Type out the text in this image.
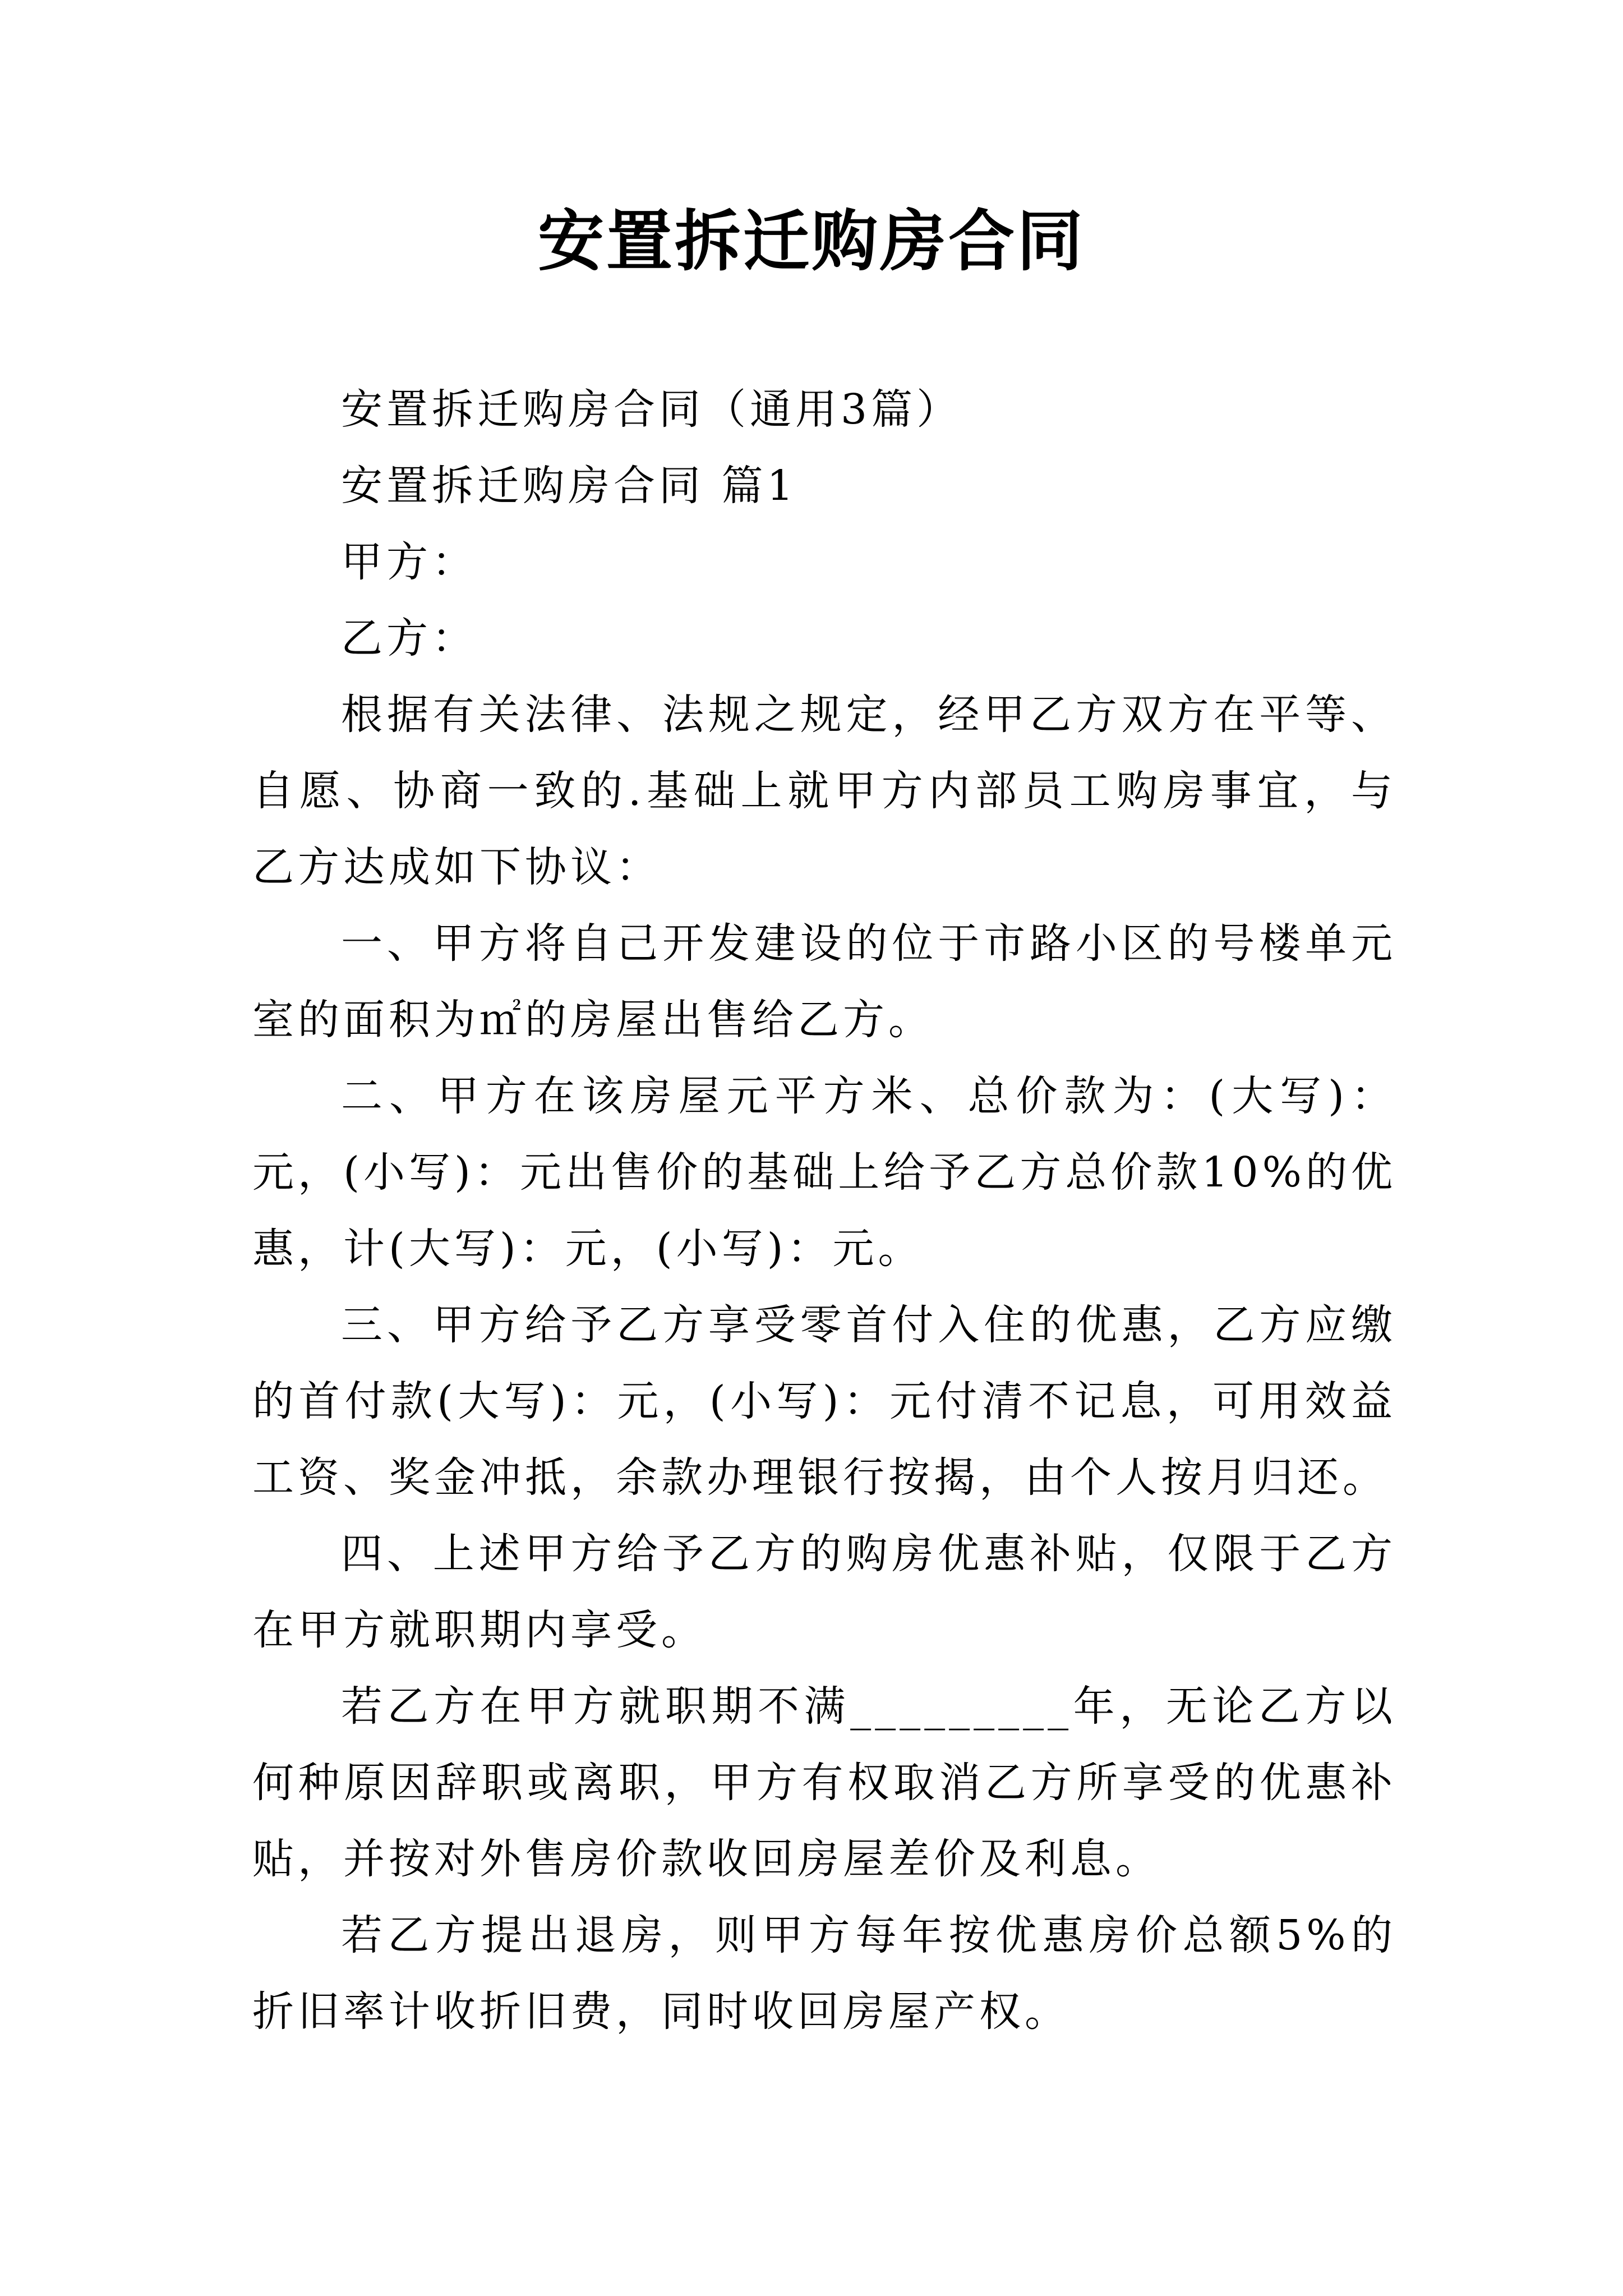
安置拆迁购房合同

安置拆迁购房合同（通用3篇）

安置拆迁购房合同 篇1

甲方：

乙方：

根据有关法律、法规之规定，经甲乙方双方在平等、自愿、协商一致的.基础上就甲方内部员工购房事宜，与乙方达成如下协议：

一、甲方将自己开发建设的位于市路小区的号楼单元室的面积为㎡的房屋出售给乙方。

二、甲方在该房屋元平方米、总价款为：(大写)：元，(小写)：元出售价的基础上给予乙方总价款10%的优惠，计(大写)：元，(小写)：元。

三、甲方给予乙方享受零首付入住的优惠，乙方应缴的首付款(大写)：元，(小写)：元付清不记息，可用效益工资、奖金冲抵，余款办理银行按揭，由个人按月归还。

四、上述甲方给予乙方的购房优惠补贴，仅限于乙方在甲方就职期内享受。

若乙方在甲方就职期不满_________年，无论乙方以何种原因辞职或离职，甲方有权取消乙方所享受的优惠补贴，并按对外售房价款收回房屋差价及利息。

若乙方提出退房，则甲方每年按优惠房价总额5%的折旧率计收折旧费，同时收回房屋产权。
